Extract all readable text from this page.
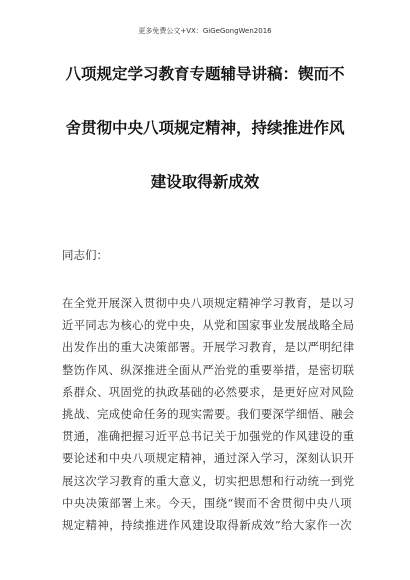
更多免费公文+VX：GiGeGongWen2016
八项规定学习教育专题辅导讲稿：锲而不
舍贯彻中央八项规定精神，持续推进作风
建设取得新成效
同志们：
在全党开展深入贯彻中央八项规定精神学习教育，是以习
近平同志为核心的党中央，从党和国家事业发展战略全局
出发作出的重大决策部署。开展学习教育，是以严明纪律
整饬作风、纵深推进全面从严治党的重要举措，是密切联
系群众、巩固党的执政基础的必然要求，是更好应对风险
挑战、完成使命任务的现实需要。我们要深学细悟、融会
贯通，准确把握习近平总书记关于加强党的作风建设的重
要论述和中央八项规定精神，通过深入学习，深刻认识开
展这次学习教育的重大意义，切实把思想和行动统一到党
中央决策部署上来。今天，围绕“锲而不舍贯彻中央八项
规定精神，持续推进作风建设取得新成效”给大家作一次
